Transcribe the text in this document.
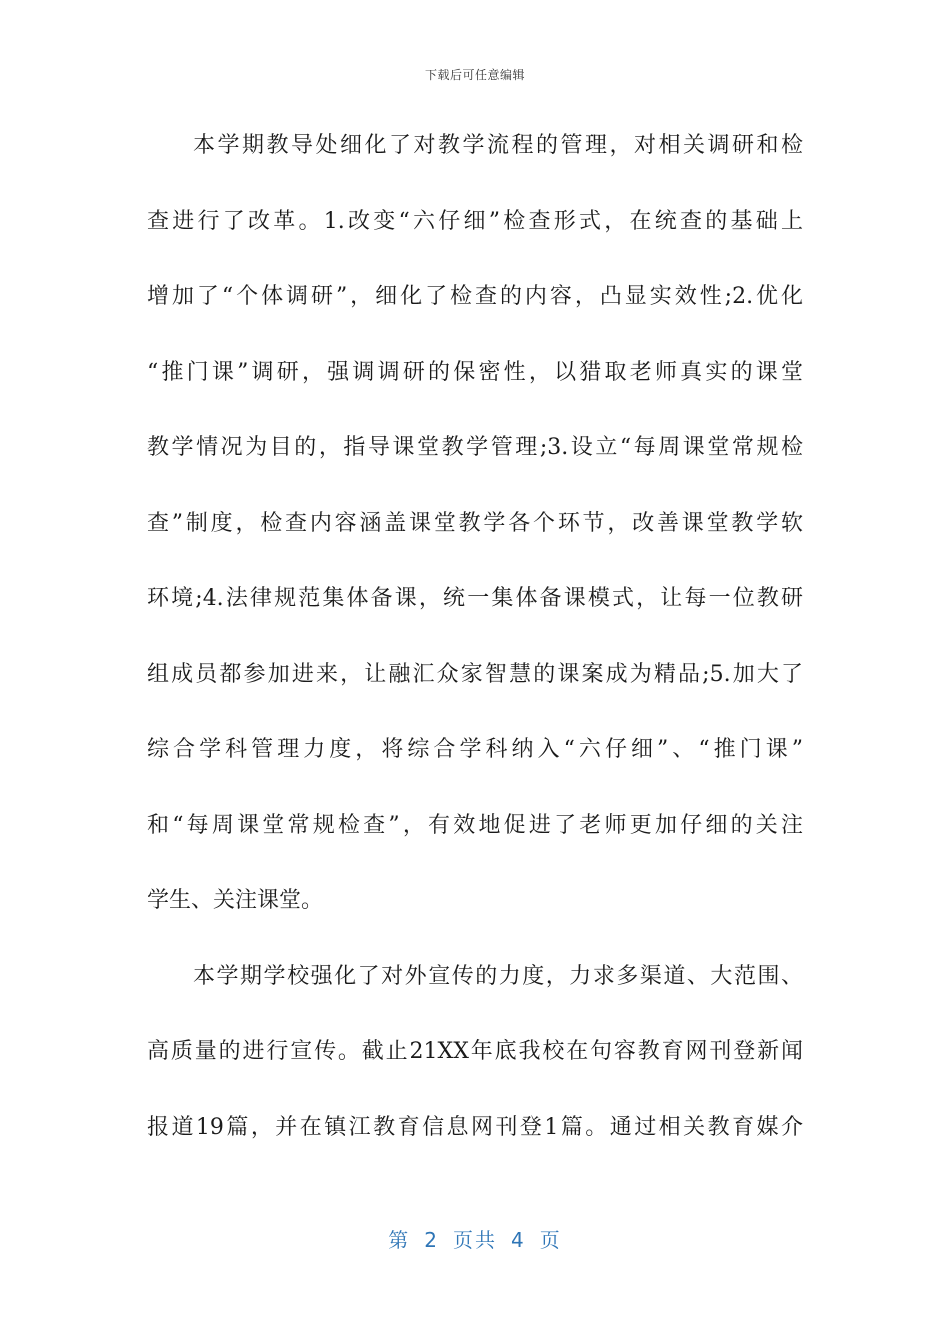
下载后可任意编辑
本学期教导处细化了对教学流程的管理，对相关调研和检
查进行了改革。1.改变“六仔细”检查形式，在统查的基础上
增加了“个体调研”，细化了检查的内容，凸显实效性;2.优化
“推门课”调研，强调调研的保密性，以猎取老师真实的课堂
教学情况为目的，指导课堂教学管理;3.设立“每周课堂常规检
查”制度，检查内容涵盖课堂教学各个环节，改善课堂教学软
环境;4.法律规范集体备课，统一集体备课模式，让每一位教研
组成员都参加进来，让融汇众家智慧的课案成为精品;5.加大了
综合学科管理力度，将综合学科纳入“六仔细”、“推门课”
和“每周课堂常规检查”，有效地促进了老师更加仔细的关注
学生、关注课堂。
本学期学校强化了对外宣传的力度，力求多渠道、大范围、
高质量的进行宣传。截止21XX年底我校在句容教育网刊登新闻
报道19篇，并在镇江教育信息网刊登1篇。通过相关教育媒介
第 2 页共 4 页
